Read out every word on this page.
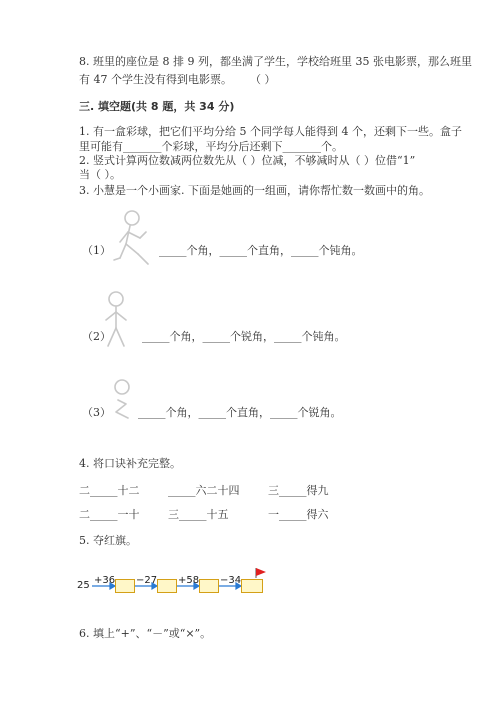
8. 班里的座位是 8 排 9 列，都坐满了学生，学校给班里 35 张电影票，那么班里
有 47 个学生没有得到电影票。 （ ）
三. 填空题(共 8 题，共 34 分)
1. 有一盒彩球，把它们平均分给 5 个同学每人能得到 4 个，还剩下一些。盒子
里可能有_______个彩球，平均分后还剩下_______个。
2. 竖式计算两位数减两位数先从（ ）位减，不够减时从（ ）位借“1”
当（ ）。
3. 小慧是一个小画家. 下面是她画的一组画，请你帮忙数一数画中的角。
（1）	_____个角，_____个直角，_____个钝角。
（2）	_____个角，_____个锐角，_____个钝角。
（3） _____个角，_____个直角，_____个锐角。
4. 将口诀补充完整。
二_____十二	_____六二十四	三_____得九
二_____一十	三_____十五	一_____得六
5. 夺红旗。
25 +36 −27 +58 −34
6. 填上“+”、“－”或“×”。
